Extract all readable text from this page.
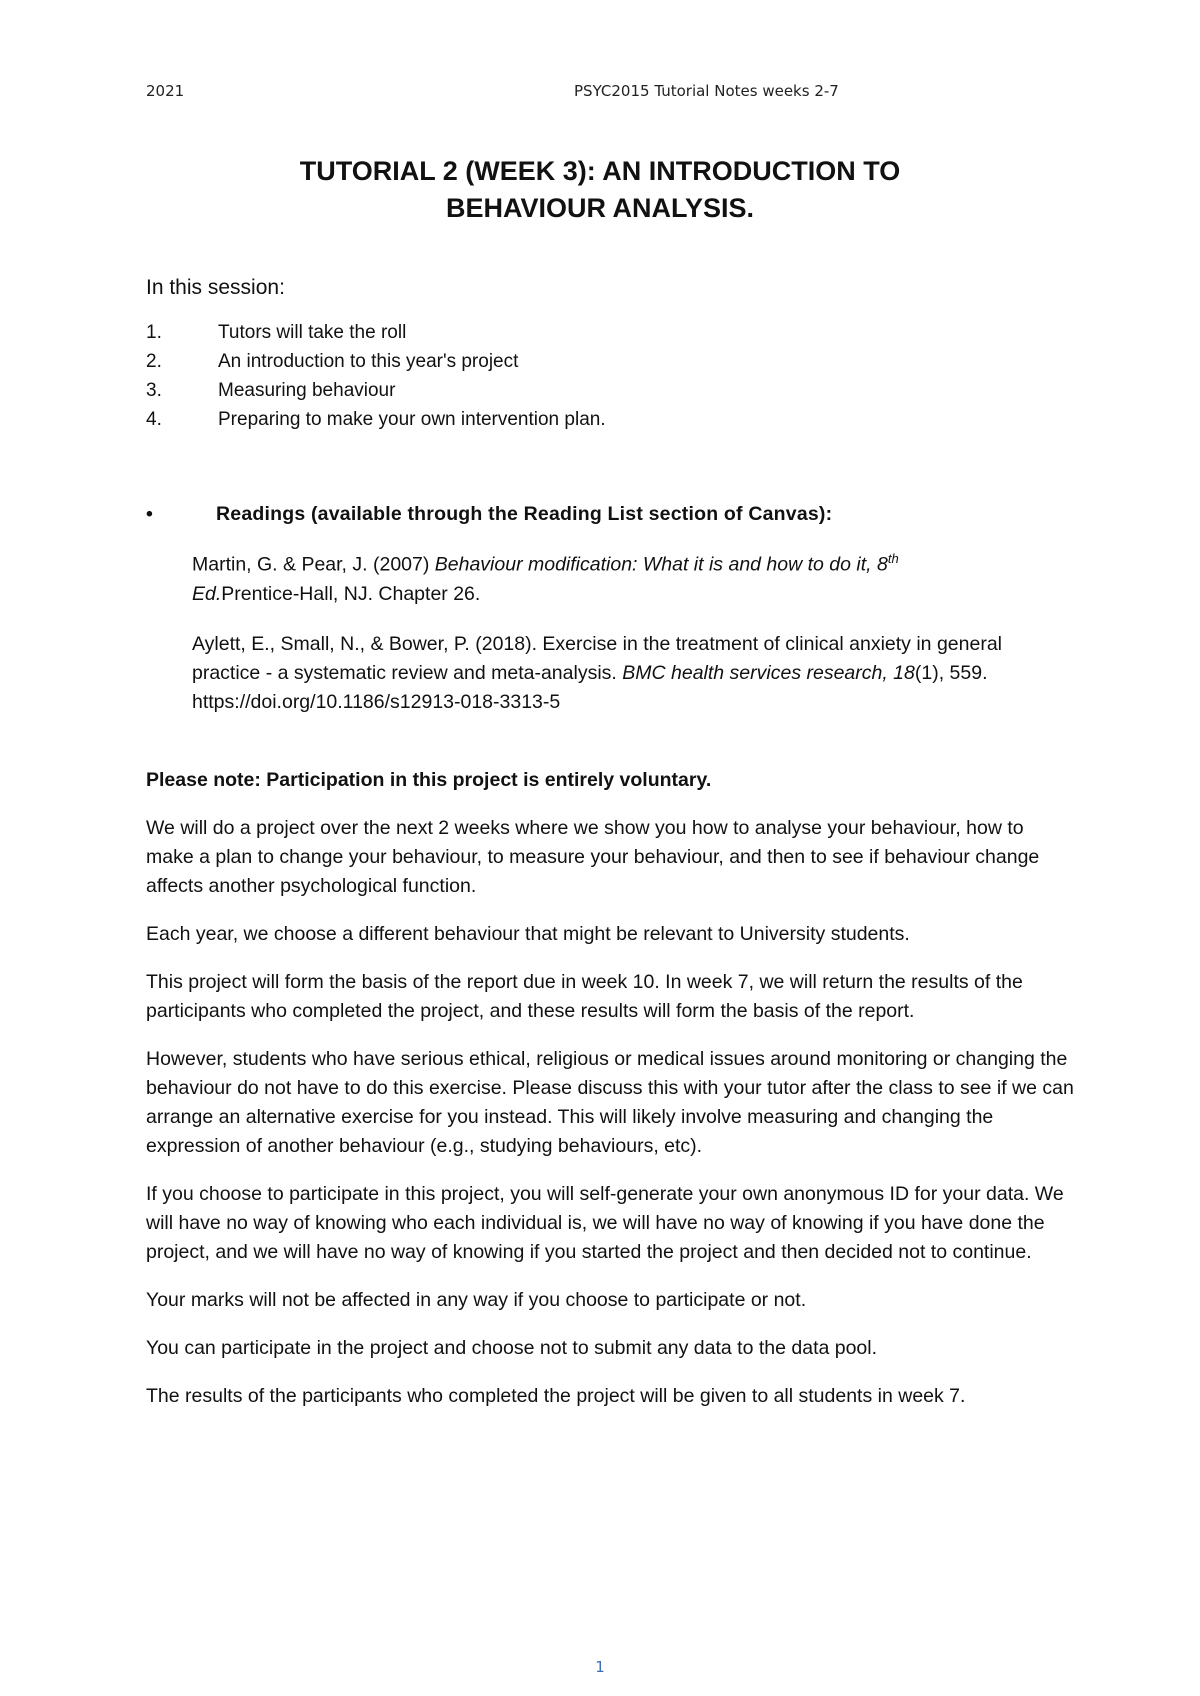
2021	PSYC2015 Tutorial Notes weeks 2-7
TUTORIAL 2 (WEEK 3): AN INTRODUCTION TO
BEHAVIOUR ANALYSIS.
In this session:
1.	Tutors will take the roll
2.	An introduction to this year's project
3.	Measuring behaviour
4.	Preparing to make your own intervention plan.
•	Readings (available through the Reading List section of Canvas):
Martin, G. & Pear, J. (2007) Behaviour modification: What it is and how to do it, 8th
Ed.Prentice-Hall, NJ. Chapter 26.
Aylett, E., Small, N., & Bower, P. (2018). Exercise in the treatment of clinical anxiety in general practice - a systematic review and meta-analysis. BMC health services research, 18(1), 559. https://doi.org/10.1186/s12913-018-3313-5

Please note: Participation in this project is entirely voluntary.

We will do a project over the next 2 weeks where we show you how to analyse your behaviour, how to make a plan to change your behaviour, to measure your behaviour, and then to see if behaviour change affects another psychological function.

Each year, we choose a different behaviour that might be relevant to University students.

This project will form the basis of the report due in week 10. In week 7, we will return the results of the participants who completed the project, and these results will form the basis of the report.

However, students who have serious ethical, religious or medical issues around monitoring or changing the behaviour do not have to do this exercise. Please discuss this with your tutor after the class to see if we can arrange an alternative exercise for you instead. This will likely involve measuring and changing the expression of another behaviour (e.g., studying behaviours, etc).

If you choose to participate in this project, you will self-generate your own anonymous ID for your data. We will have no way of knowing who each individual is, we will have no way of knowing if you have done the project, and we will have no way of knowing if you started the project and then decided not to continue.

Your marks will not be affected in any way if you choose to participate or not.

You can participate in the project and choose not to submit any data to the data pool.

The results of the participants who completed the project will be given to all students in week 7.

1
